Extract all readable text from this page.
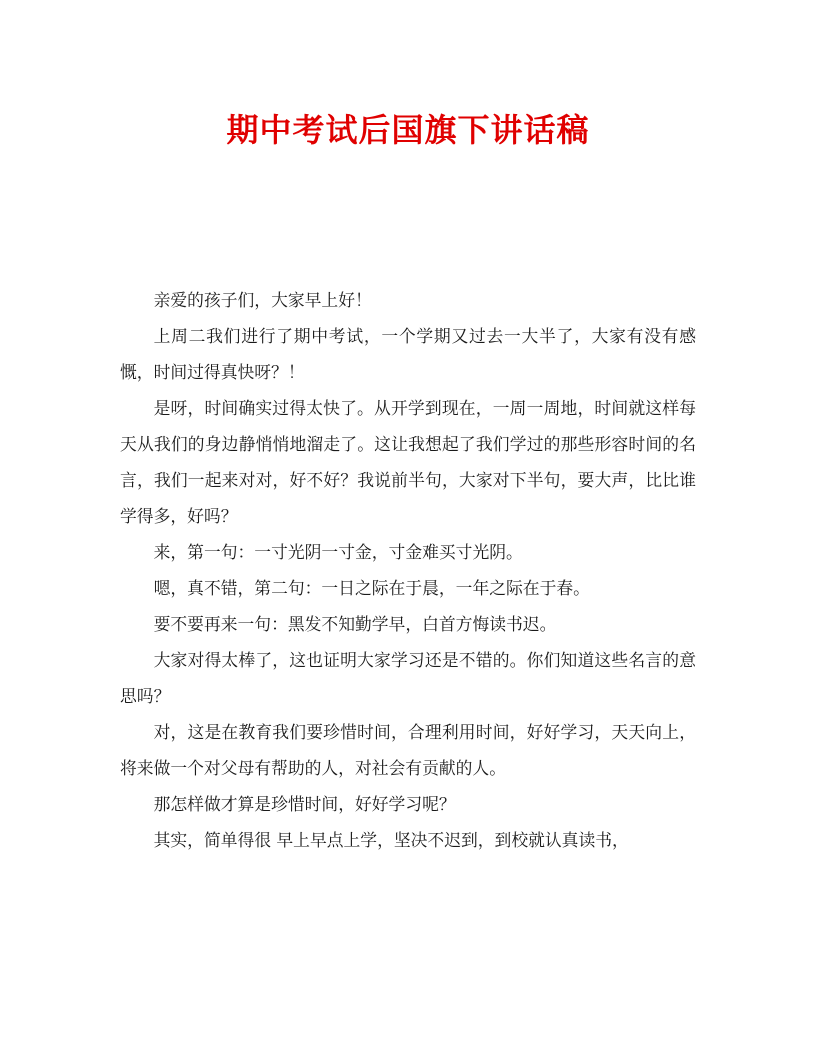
期中考试后国旗下讲话稿

亲爱的孩子们，大家早上好！

上周二我们进行了期中考试，一个学期又过去一大半了，大家有没有感慨，时间过得真快呀？！

是呀，时间确实过得太快了。从开学到现在，一周一周地，时间就这样每天从我们的身边静悄悄地溜走了。这让我想起了我们学过的那些形容时间的名言，我们一起来对对，好不好？我说前半句，大家对下半句，要大声，比比谁学得多，好吗？

来，第一句：一寸光阴一寸金，寸金难买寸光阴。

嗯，真不错，第二句：一日之际在于晨，一年之际在于春。

要不要再来一句：黑发不知勤学早，白首方悔读书迟。

大家对得太棒了，这也证明大家学习还是不错的。你们知道这些名言的意思吗？

对，这是在教育我们要珍惜时间，合理利用时间，好好学习，天天向上，将来做一个对父母有帮助的人，对社会有贡献的人。

那怎样做才算是珍惜时间，好好学习呢？

其实，简单得很 早上早点上学，坚决不迟到，到校就认真读书，
